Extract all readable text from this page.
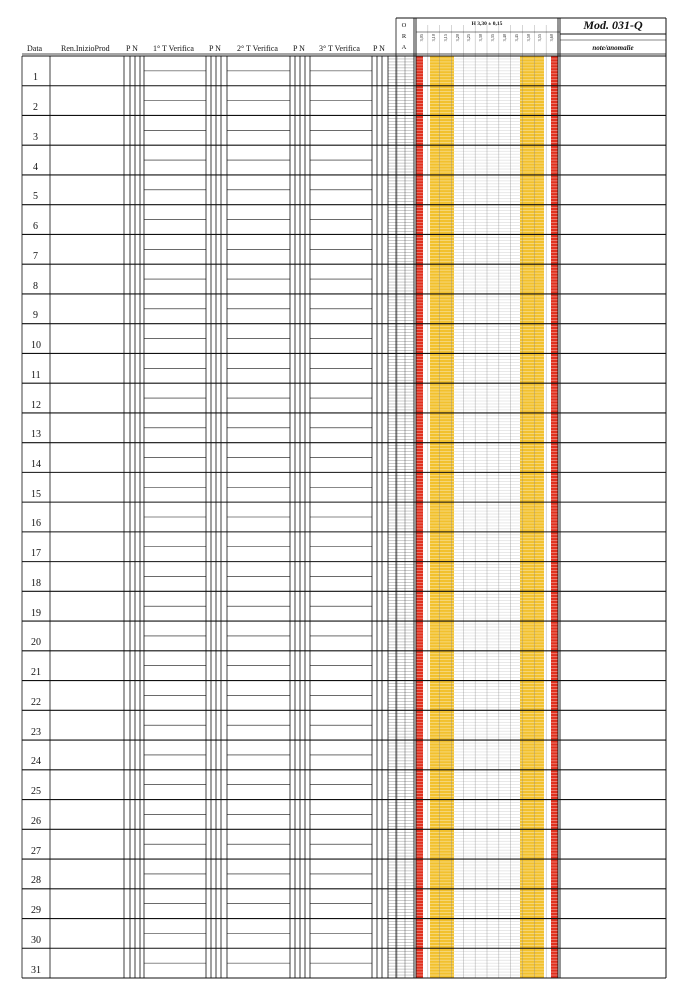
Data Ren.InizioProd P N 1° T Verifica P N 2° T Verifica P N 3° T Verifica P N
O
R
A
H 3,30 ± 0,15
3,05 3,10 3,15 3,20 3,25 3,30 3,35 3,40 3,45 3,50 3,55 3,60
Mod. 031-Q
note/anomalie
1
2
3
4
5
6
7
8
9
10
11
12
13
14
15
16
17
18
19
20
21
22
23
24
25
26
27
28
29
30
31
